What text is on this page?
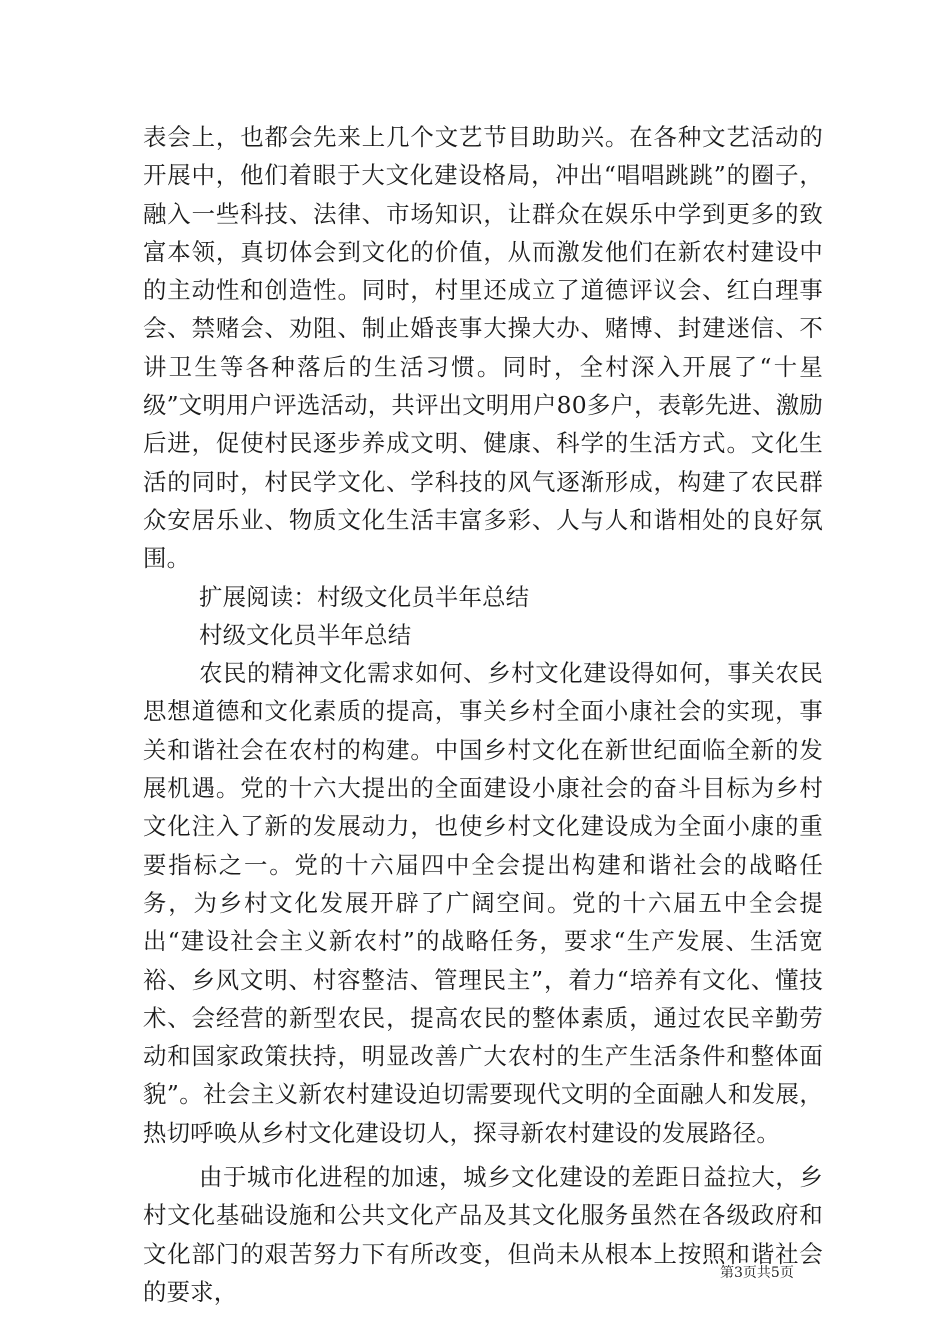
表会上，也都会先来上几个文艺节目助助兴。在各种文艺活动的开展中，他们着眼于大文化建设格局，冲出“唱唱跳跳”的圈子，融入一些科技、法律、市场知识，让群众在娱乐中学到更多的致富本领，真切体会到文化的价值，从而激发他们在新农村建设中的主动性和创造性。同时，村里还成立了道德评议会、红白理事会、禁赌会、劝阻、制止婚丧事大操大办、赌博、封建迷信、不讲卫生等各种落后的生活习惯。同时，全村深入开展了“十星级”文明用户评选活动，共评出文明用户80多户，表彰先进、激励后进，促使村民逐步养成文明、健康、科学的生活方式。文化生活的同时，村民学文化、学科技的风气逐渐形成，构建了农民群众安居乐业、物质文化生活丰富多彩、人与人和谐相处的良好氛围。

扩展阅读：村级文化员半年总结

村级文化员半年总结

农民的精神文化需求如何、乡村文化建设得如何，事关农民思想道德和文化素质的提高，事关乡村全面小康社会的实现，事关和谐社会在农村的构建。中国乡村文化在新世纪面临全新的发展机遇。党的十六大提出的全面建设小康社会的奋斗目标为乡村文化注入了新的发展动力，也使乡村文化建设成为全面小康的重要指标之一。党的十六届四中全会提出构建和谐社会的战略任务，为乡村文化发展开辟了广阔空间。党的十六届五中全会提出“建设社会主义新农村”的战略任务，要求“生产发展、生活宽裕、乡风文明、村容整洁、管理民主”，着力“培养有文化、懂技术、会经营的新型农民，提高农民的整体素质，通过农民辛勤劳动和国家政策扶持，明显改善广大农村的生产生活条件和整体面貌”。社会主义新农村建设迫切需要现代文明的全面融人和发展，热切呼唤从乡村文化建设切人，探寻新农村建设的发展路径。

由于城市化进程的加速，城乡文化建设的差距日益拉大，乡村文化基础设施和公共文化产品及其文化服务虽然在各级政府和文化部门的艰苦努力下有所改变，但尚未从根本上按照和谐社会的要求，

第3页共5页
